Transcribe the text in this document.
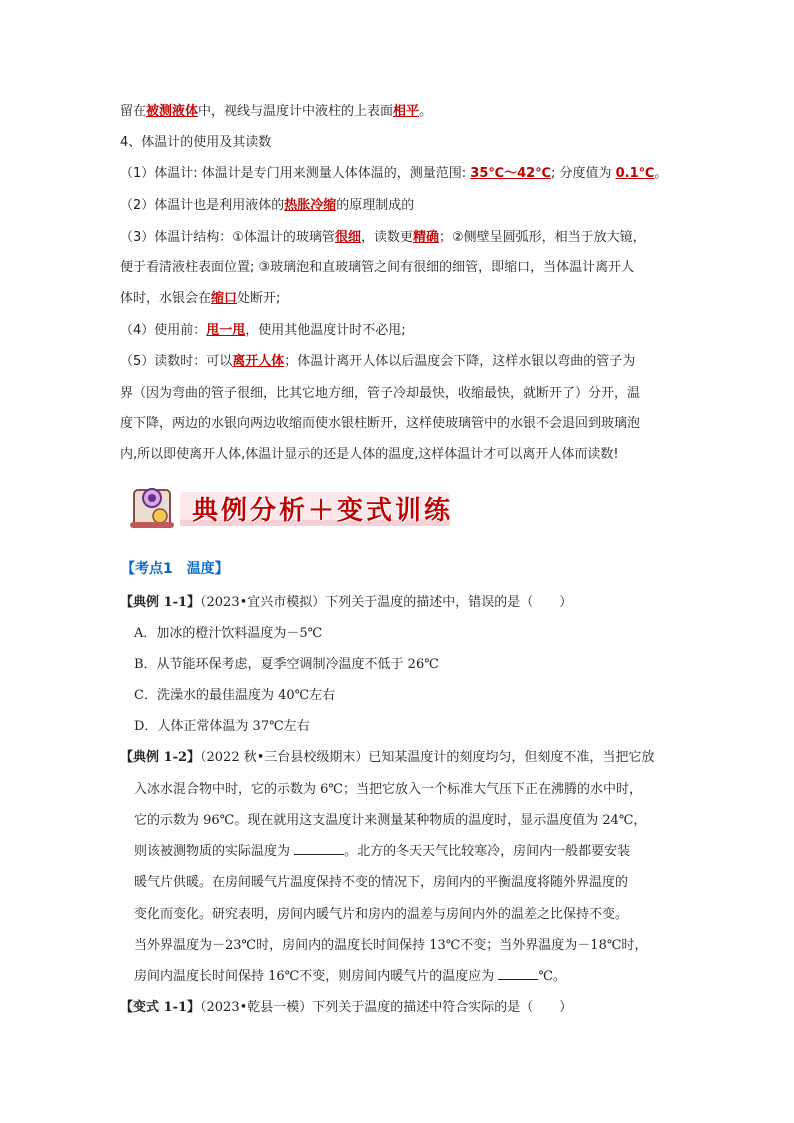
留在被测液体中，视线与温度计中液柱的上表面相平。
4、体温计的使用及其读数
（1）体温计: 体温计是专门用来测量人体体温的，测量范围: 35℃～42℃; 分度值为 0.1℃。
（2）体温计也是利用液体的热胀冷缩的原理制成的
（3）体温计结构：①体温计的玻璃管很细，读数更精确；②侧壁呈圆弧形，相当于放大镜，
便于看清液柱表面位置; ③玻璃泡和直玻璃管之间有很细的细管，即缩口，当体温计离开人
体时，水银会在缩口处断开;
（4）使用前：甩一甩，使用其他温度计时不必甩;
（5）读数时：可以离开人体；体温计离开人体以后温度会下降，这样水银以弯曲的管子为
界（因为弯曲的管子很细，比其它地方细，管子冷却最快，收缩最快，就断开了）分开，温
度下降，两边的水银向两边收缩而使水银柱断开，这样使玻璃管中的水银不会退回到玻璃泡
内,所以即使离开人体,体温计显示的还是人体的温度,这样体温计才可以离开人体而读数!
典例分析＋变式训练
【考点1　温度】
【典例 1-1】（2023•宜兴市模拟）下列关于温度的描述中，错误的是（　　）
A．加冰的橙汁饮料温度为－5℃
B．从节能环保考虑，夏季空调制冷温度不低于 26℃
C．洗澡水的最佳温度为 40℃左右
D．人体正常体温为 37℃左右
【典例 1-2】（2022 秋•三台县校级期末）已知某温度计的刻度均匀，但刻度不准，当把它放
入冰水混合物中时，它的示数为 6℃；当把它放入一个标准大气压下正在沸腾的水中时，
它的示数为 96℃。现在就用这支温度计来测量某种物质的温度时，显示温度值为 24℃，
则该被测物质的实际温度为	。北方的冬天天气比较寒冷，房间内一般都要安装
暖气片供暖。在房间暖气片温度保持不变的情况下，房间内的平衡温度将随外界温度的
变化而变化。研究表明，房间内暖气片和房内的温差与房间内外的温差之比保持不变。
当外界温度为－23℃时，房间内的温度长时间保持 13℃不变；当外界温度为－18℃时，
房间内温度长时间保持 16℃不变，则房间内暖气片的温度应为	℃。
【变式 1-1】（2023•乾县一模）下列关于温度的描述中符合实际的是（　　）
